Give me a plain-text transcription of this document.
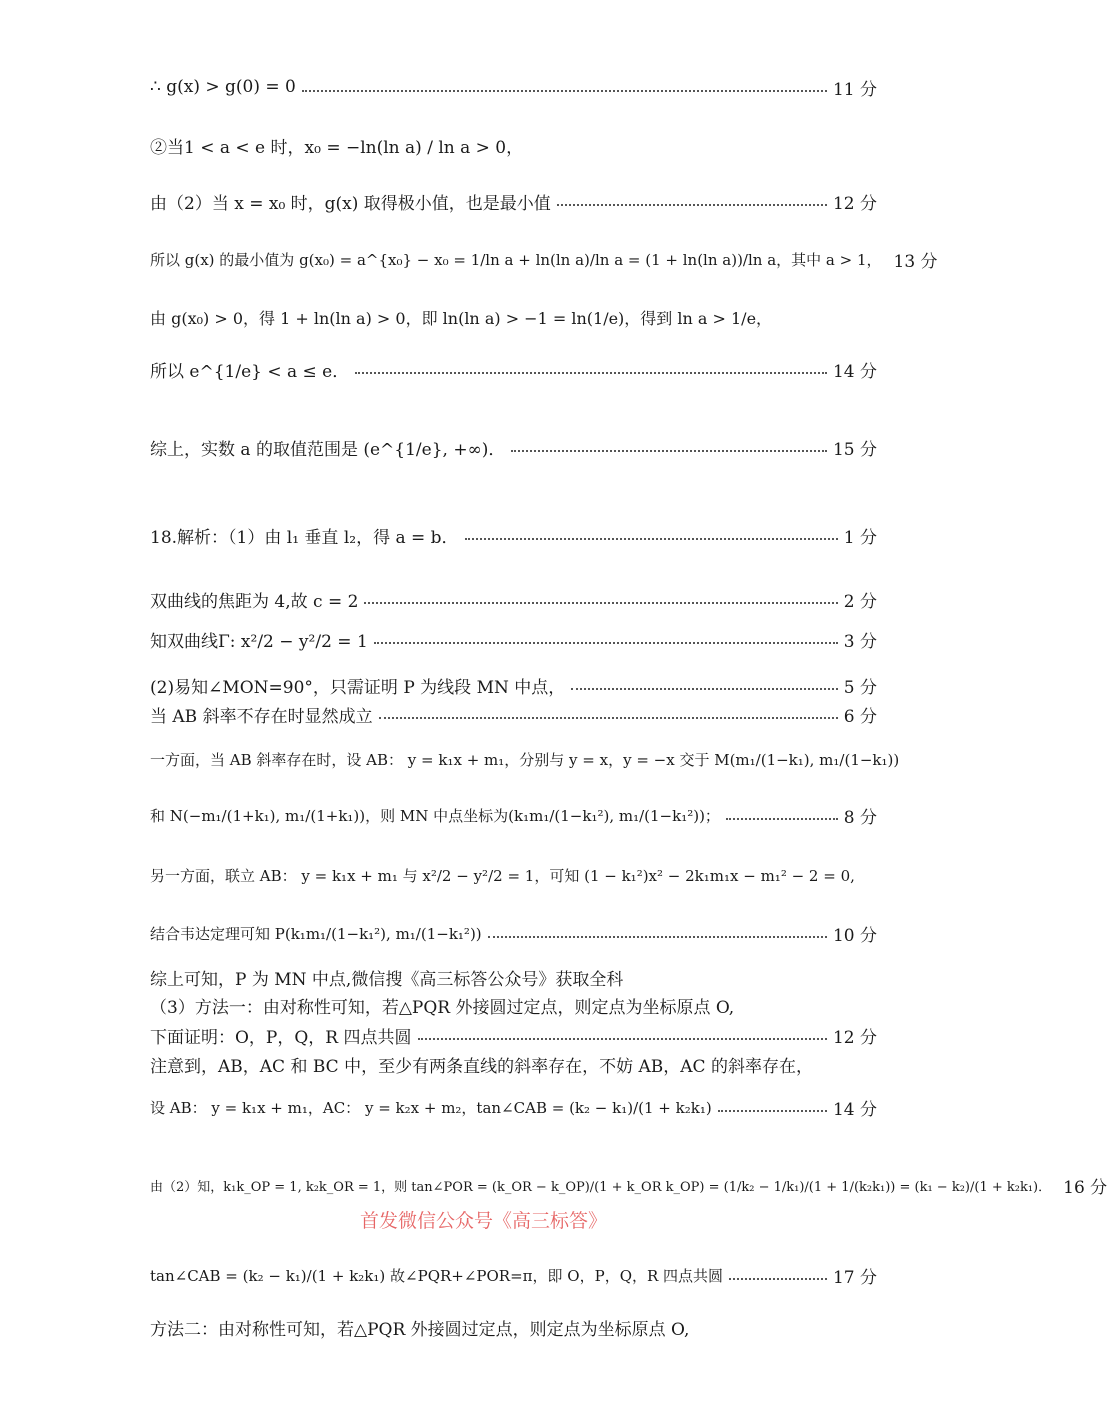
∴ g(x) > g(0) = 0	11 分
②当1 < a < e 时，x₀ = −ln(ln a) / ln a > 0，
由（2）当 x = x₀ 时，g(x) 取得极小值，也是最小值	12 分
所以 g(x) 的最小值为 g(x₀) = a^{x₀} − x₀ = 1/ln a + ln(ln a)/ln a = (1 + ln(ln a))/ln a，其中 a > 1， 13 分
由 g(x₀) > 0，得 1 + ln(ln a) > 0，即 ln(ln a) > −1 = ln(1/e)，得到 ln a > 1/e，
所以 e^{1/e} < a ≤ e．	14 分
综上，实数 a 的取值范围是 (e^{1/e}, +∞)．	15 分
18.解析：（1）由 l₁ 垂直 l₂，得 a = b．	1 分
双曲线的焦距为 4,故 c = 2	2 分
知双曲线Γ: x²/2 − y²/2 = 1	3 分
(2)易知∠MON=90°，只需证明 P 为线段 MN 中点，	5 分
当 AB 斜率不存在时显然成立	6 分
一方面，当 AB 斜率存在时，设 AB： y = k₁x + m₁，分别与 y = x，y = −x 交于 M(m₁/(1−k₁), m₁/(1−k₁))
和 N(−m₁/(1+k₁), m₁/(1+k₁))，则 MN 中点坐标为(k₁m₁/(1−k₁²), m₁/(1−k₁²))；	8 分
另一方面，联立 AB： y = k₁x + m₁ 与 x²/2 − y²/2 = 1，可知 (1 − k₁²)x² − 2k₁m₁x − m₁² − 2 = 0,
结合韦达定理可知 P(k₁m₁/(1−k₁²), m₁/(1−k₁²))	10 分
综上可知，P 为 MN 中点,微信搜《高三标答公众号》获取全科
（3）方法一：由对称性可知，若△PQR 外接圆过定点，则定点为坐标原点 O,
下面证明：O，P，Q，R 四点共圆	12 分
注意到，AB，AC 和 BC 中，至少有两条直线的斜率存在，不妨 AB，AC 的斜率存在，
设 AB： y = k₁x + m₁，AC： y = k₂x + m₂，tan∠CAB = (k₂ − k₁)/(1 + k₂k₁)	14 分
由（2）知，k₁k_OP = 1, k₂k_OR = 1，则 tan∠POR = (k_OR − k_OP)/(1 + k_OR k_OP) = (1/k₂ − 1/k₁)/(1 + 1/(k₂k₁)) = (k₁ − k₂)/(1 + k₂k₁)． 16 分
首发微信公众号《高三标答》
tan∠CAB = (k₂ − k₁)/(1 + k₂k₁) 故∠PQR+∠POR=π，即 O，P，Q，R 四点共圆	17 分
方法二：由对称性可知，若△PQR 外接圆过定点，则定点为坐标原点 O,
